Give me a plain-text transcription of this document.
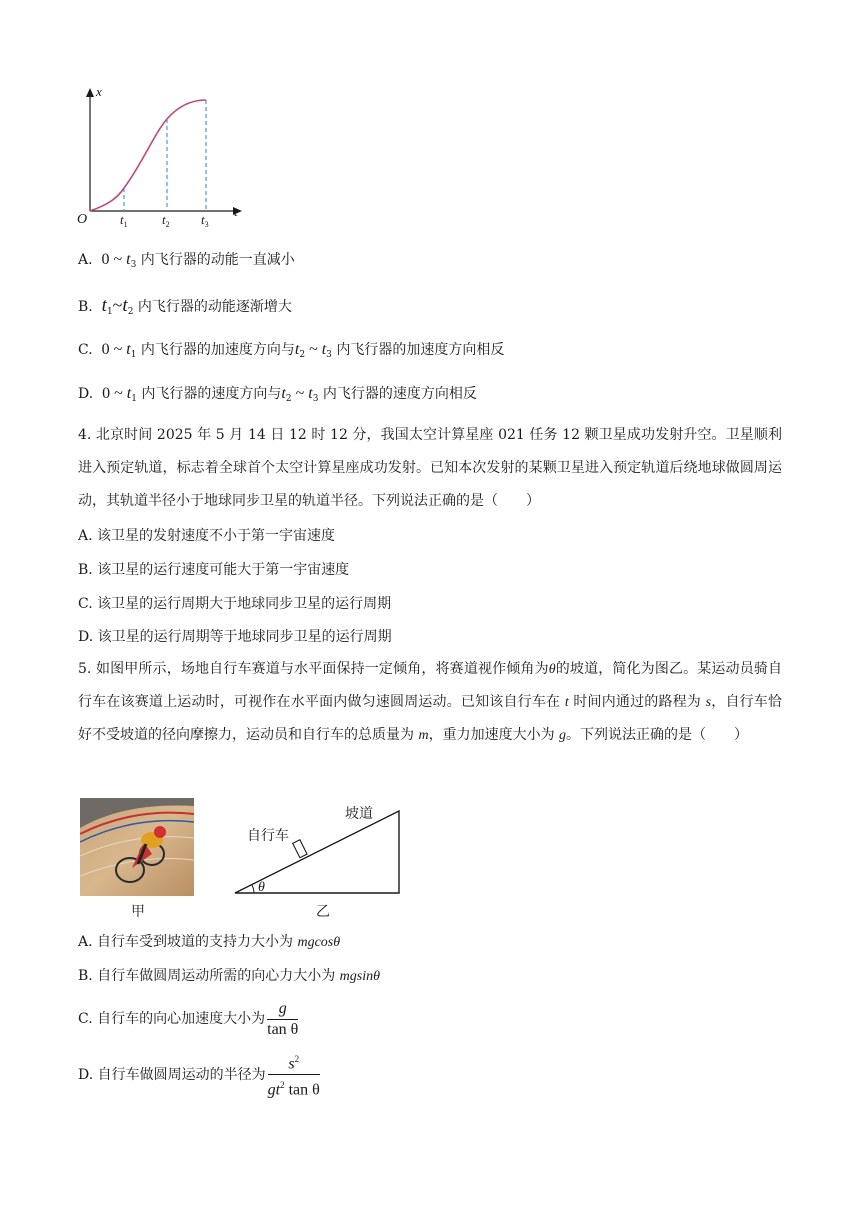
x
t
O	$t_1$	$t_2$ $t_3$
A. 0 ~ $t_3$ 内飞行器的动能一直减小
B. $t_1\sim t_2$ 内飞行器的动能逐渐增大
C. 0 ~ $t_1$ 内飞行器的加速度方向与$t_2$ ~ $t_3$ 内飞行器的加速度方向相反
D. 0 ~ $t_1$ 内飞行器的速度方向与$t_2$ ~ $t_3$ 内飞行器的速度方向相反
4. 北京时间 2025 年 5 月 14 日 12 时 12 分，我国太空计算星座 021 任务 12 颗卫星成功发射升空。卫星顺利进入预定轨道，标志着全球首个太空计算星座成功发射。已知本次发射的某颗卫星进入预定轨道后绕地球做圆周运动，其轨道半径小于地球同步卫星的轨道半径。下列说法正确的是（　　）
A. 该卫星的发射速度不小于第一宇宙速度
B. 该卫星的运行速度可能大于第一宇宙速度
C. 该卫星的运行周期大于地球同步卫星的运行周期
D. 该卫星的运行周期等于地球同步卫星的运行周期
5. 如图甲所示，场地自行车赛道与水平面保持一定倾角，将赛道视作倾角为θ的坡道，简化为图乙。某运动员骑自行车在该赛道上运动时，可视作在水平面内做匀速圆周运动。已知该自行车在 t 时间内通过的路程为 s，自行车恰好不受坡道的径向摩擦力，运动员和自行车的总质量为 m，重力加速度大小为 g。下列说法正确的是（　　）
甲
θ
坡道
自行车
乙
A. 自行车受到坡道的支持力大小为 mgcosθ
B. 自行车做圆周运动所需的向心力大小为 mgsinθ
C. 自行车的向心加速度大小为 $\frac{g}{\text{tan θ}}$
D. 自行车做圆周运动的半径为 $\frac{s^2}{gt^2 \tan \theta}$
